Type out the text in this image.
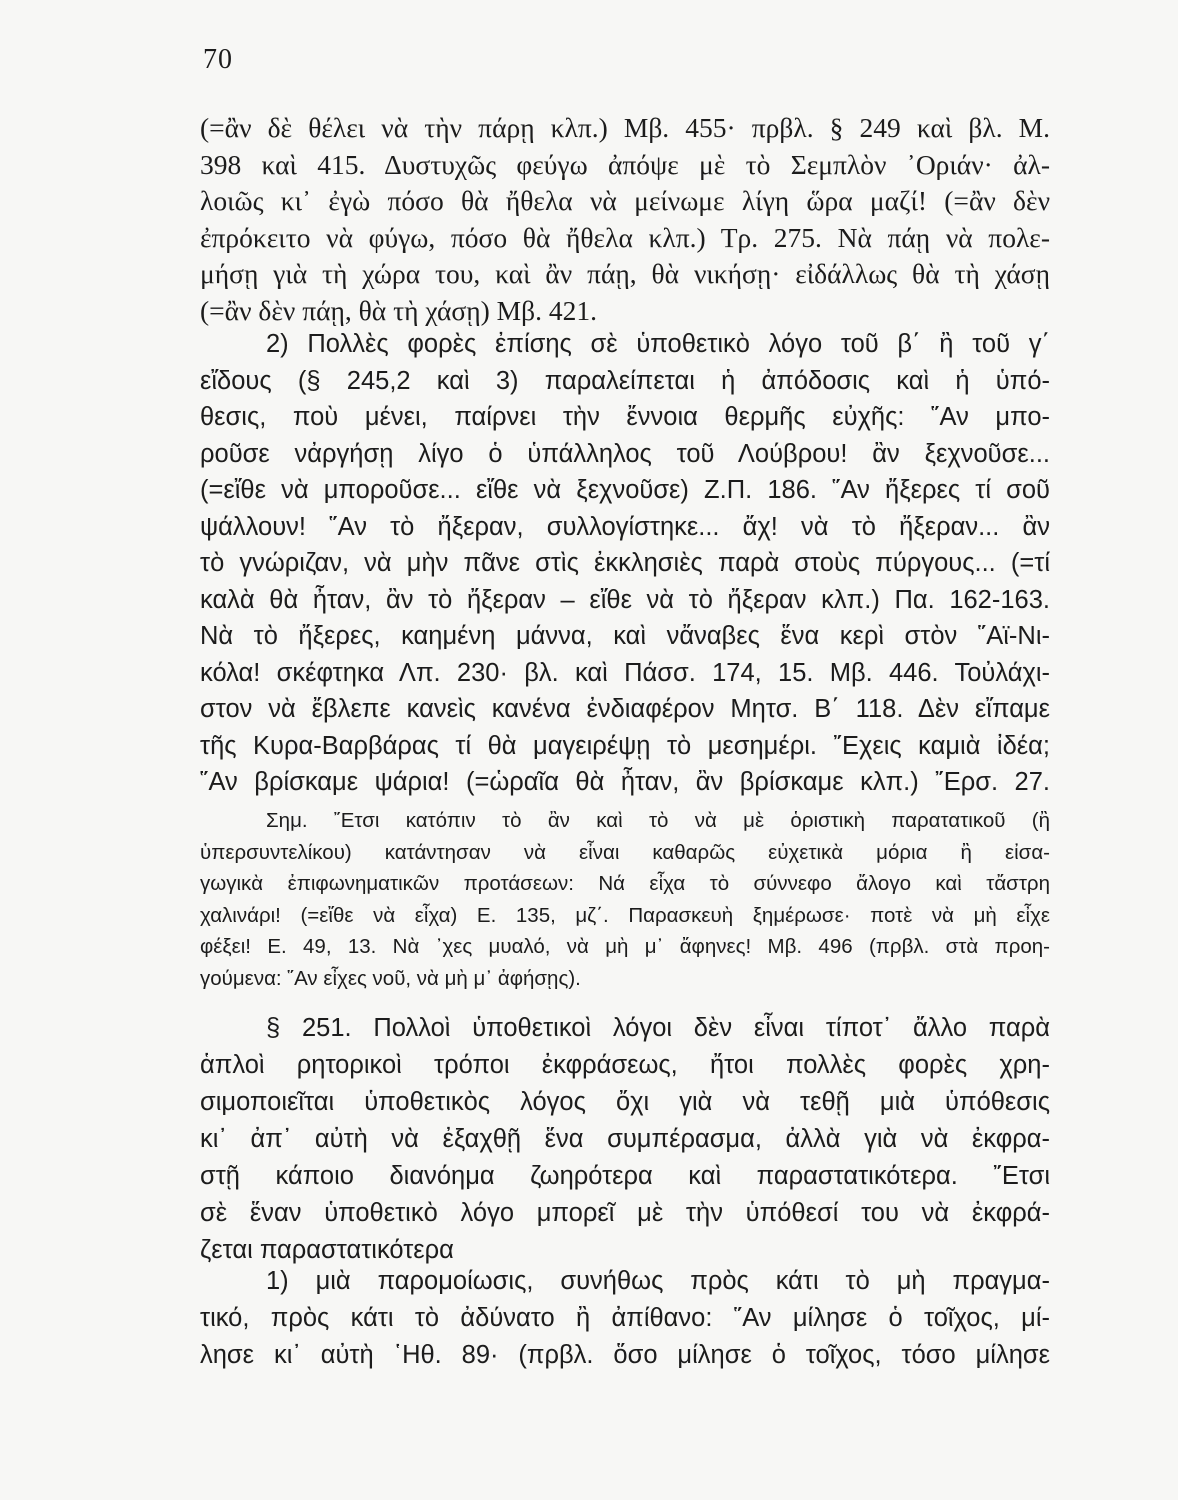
70
(=ἂν δὲ θέλει νὰ τὴν πάρῃ κλπ.) Μβ. 455· πρβλ. § 249 καὶ βλ. Μ.
398 καὶ 415. Δυστυχῶς φεύγω ἀπόψε μὲ τὸ Σεμπλὸν ᾿Οριάν· ἀλ-
λοιῶς κι᾿ ἐγὼ πόσο θὰ ἤθελα νὰ μείνωμε λίγη ὥρα μαζί! (=ἂν δὲν
ἐπρόκειτο νὰ φύγω, πόσο θὰ ἤθελα κλπ.) Τρ. 275. Νὰ πάῃ νὰ πολε-
μήσῃ γιὰ τὴ χώρα του, καὶ ἂν πάῃ, θὰ νικήσῃ· εἰδάλλως θὰ τὴ χάσῃ
(=ἂν δὲν πάῃ, θὰ τὴ χάσῃ) Μβ. 421.
2) Πολλὲς φορὲς ἐπίσης σὲ ὑποθετικὸ λόγο τοῦ β΄ ἢ τοῦ γ΄
εἴδους (§ 245,2 καὶ 3) παραλείπεται ἡ ἀπόδοσις καὶ ἡ ὑπό-
θεσις, ποὺ μένει, παίρνει τὴν ἔννοια θερμῆς εὐχῆς: ῞Αν μπο-
ροῦσε νἀργήσῃ λίγο ὁ ὑπάλληλος τοῦ Λούβρου! ἂν ξεχνοῦσε...
(=εἴθε νὰ μποροῦσε... εἴθε νὰ ξεχνοῦσε) Ζ.Π. 186. ῞Αν ἤξερες τί σοῦ
ψάλλουν! ῞Αν τὸ ἤξεραν, συλλογίστηκε... ἄχ! νὰ τὸ ἤξεραν... ἂν
τὸ γνώριζαν, νὰ μὴν πᾶνε στὶς ἐκκλησιὲς παρὰ στοὺς πύργους... (=τί
καλὰ θὰ ἦταν, ἂν τὸ ἤξεραν – εἴθε νὰ τὸ ἤξεραν κλπ.) Πα. 162-163.
Νὰ τὸ ἤξερες, καημένη μάννα, καὶ νἄναβες ἕνα κερὶ στὸν ῞Αϊ-Νι-
κόλα! σκέφτηκα Λπ. 230· βλ. καὶ Πάσσ. 174, 15. Μβ. 446. Τοὐλάχι-
στον νὰ ἔβλεπε κανεὶς κανένα ἐνδιαφέρον Μητσ. Β΄ 118. Δὲν εἴπαμε
τῆς Κυρα-Βαρβάρας τί θὰ μαγειρέψῃ τὸ μεσημέρι. ῎Εχεις καμιὰ ἰδέα;
῞Αν βρίσκαμε ψάρια! (=ὡραῖα θὰ ἦταν, ἂν βρίσκαμε κλπ.) ῎Ερσ. 27.
Σημ. ῎Ετσι κατόπιν τὸ ἂν καὶ τὸ νὰ μὲ ὁριστικὴ παρατατικοῦ (ἢ
ὑπερσυντελίκου) κατάντησαν νὰ εἶναι καθαρῶς εὐχετικὰ μόρια ἢ εἰσα-
γωγικὰ ἐπιφωνηματικῶν προτάσεων: Νά εἶχα τὸ σύννεφο ἄλογο καὶ τἄστρη
χαλινάρι! (=εἴθε νὰ εἶχα) Ε. 135, μζ΄. Παρασκευὴ ξημέρωσε· ποτὲ νὰ μὴ εἶχε
φέξει! Ε. 49, 13. Νὰ ᾿χες μυαλό, νὰ μὴ μ᾿ ἄφηνες! Μβ. 496 (πρβλ. στὰ προη-
γούμενα: ῞Αν εἶχες νοῦ, νὰ μὴ μ᾿ ἀφήσῃς).
§ 251. Πολλοὶ ὑποθετικοὶ λόγοι δὲν εἶναι τίποτ᾿ ἄλλο παρὰ
ἁπλοὶ ρητορικοὶ τρόποι ἐκφράσεως, ἤτοι πολλὲς φορὲς χρη-
σιμοποιεῖται ὑποθετικὸς λόγος ὄχι γιὰ νὰ τεθῇ μιὰ ὑπόθεσις
κι᾿ ἀπ᾿ αὐτὴ νὰ ἐξαχθῇ ἕνα συμπέρασμα, ἀλλὰ γιὰ νὰ ἐκφρα-
στῇ κάποιο διανόημα ζωηρότερα καὶ παραστατικότερα. ῎Ετσι
σὲ ἕναν ὑποθετικὸ λόγο μπορεῖ μὲ τὴν ὑπόθεσί του νὰ ἐκφρά-
ζεται παραστατικότερα
1) μιὰ παρομοίωσις, συνήθως πρὸς κάτι τὸ μὴ πραγμα-
τικό, πρὸς κάτι τὸ ἀδύνατο ἢ ἀπίθανο: ῞Αν μίλησε ὁ τοῖχος, μί-
λησε κι᾿ αὐτὴ ῾Ηθ. 89· (πρβλ. ὅσο μίλησε ὁ τοῖχος, τόσο μίλησε
